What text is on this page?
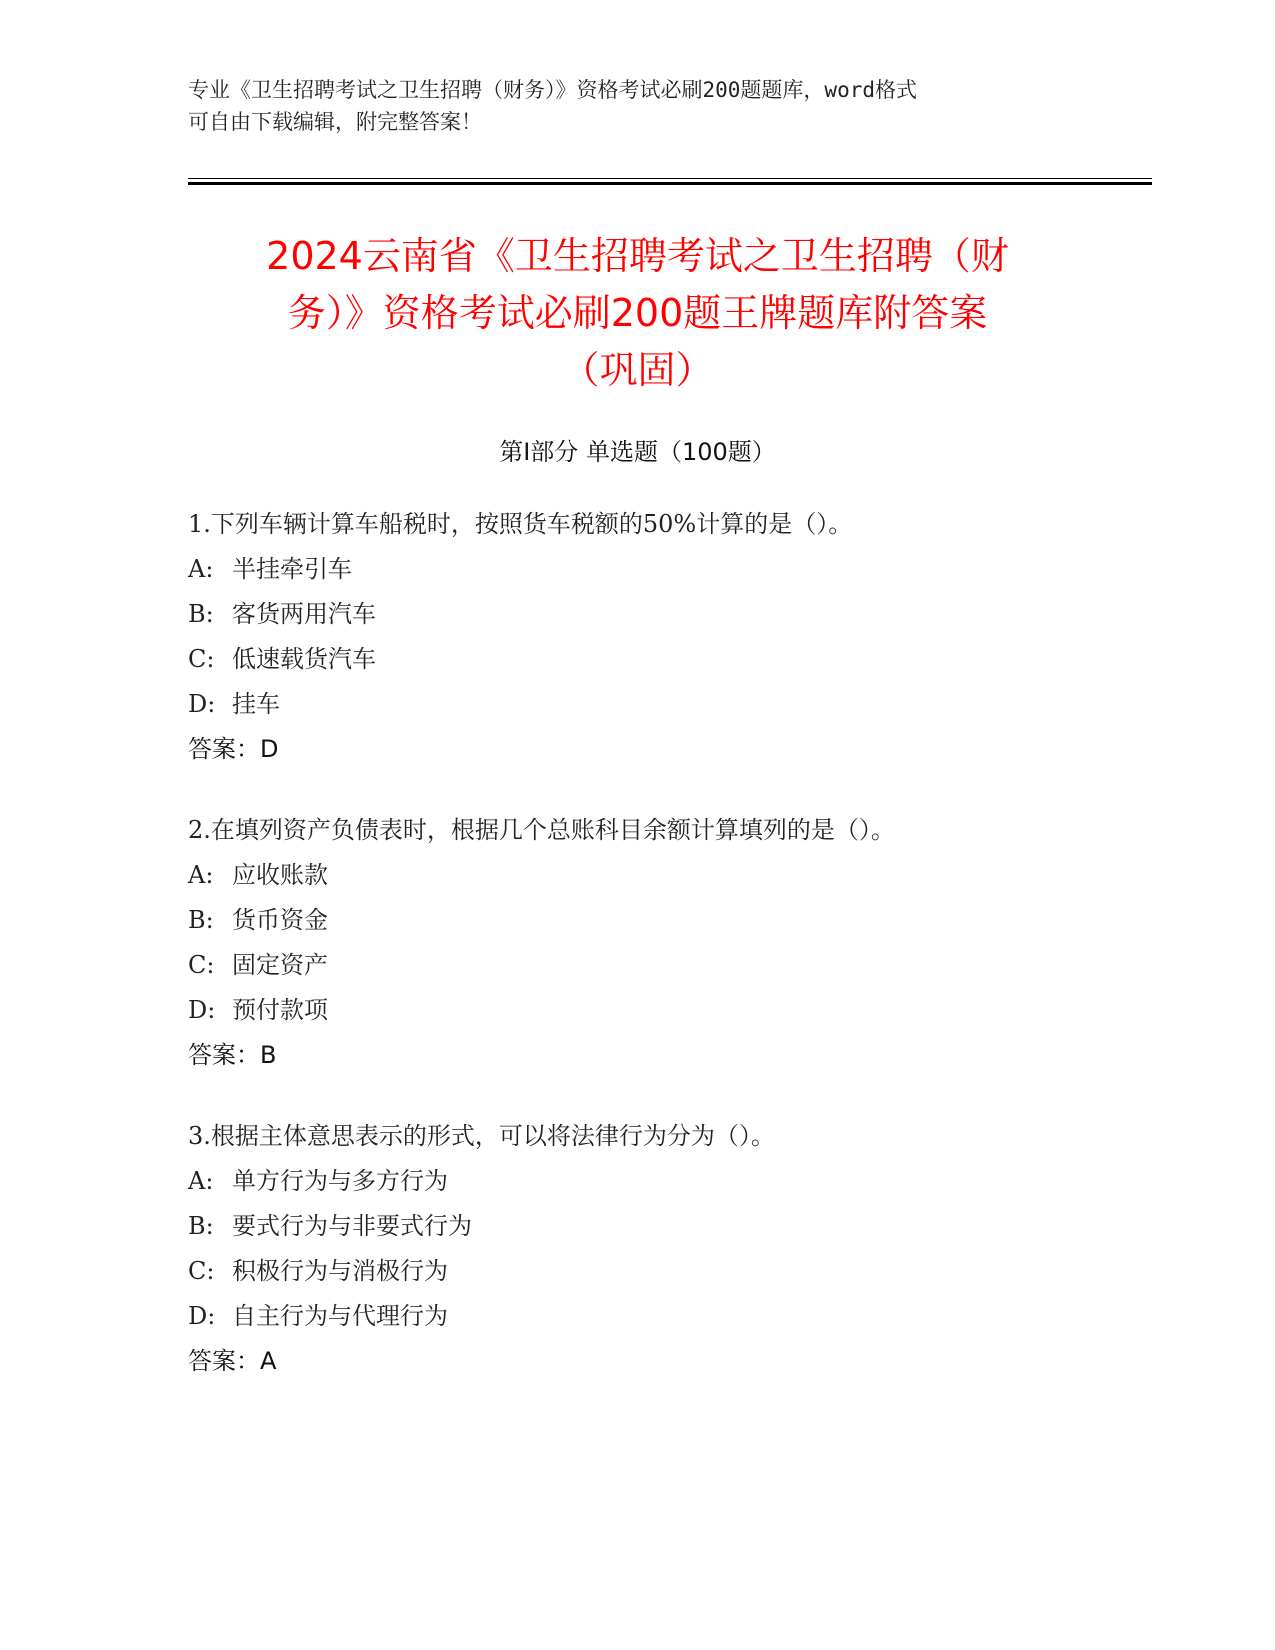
专业《卫生招聘考试之卫生招聘（财务）》资格考试必刷200题题库，word格式
可自由下载编辑，附完整答案！
2024云南省《卫生招聘考试之卫生招聘（财
务）》资格考试必刷200题王牌题库附答案
（巩固）
第Ⅰ部分 单选题（100题）
1.下列车辆计算车船税时，按照货车税额的50%计算的是（）。
A: 半挂牵引车
B: 客货两用汽车
C: 低速载货汽车
D: 挂车
答案：D
2.在填列资产负债表时，根据几个总账科目余额计算填列的是（）。
A: 应收账款
B: 货币资金
C: 固定资产
D: 预付款项
答案：B
3.根据主体意思表示的形式，可以将法律行为分为（）。
A: 单方行为与多方行为
B: 要式行为与非要式行为
C: 积极行为与消极行为
D: 自主行为与代理行为
答案：A
